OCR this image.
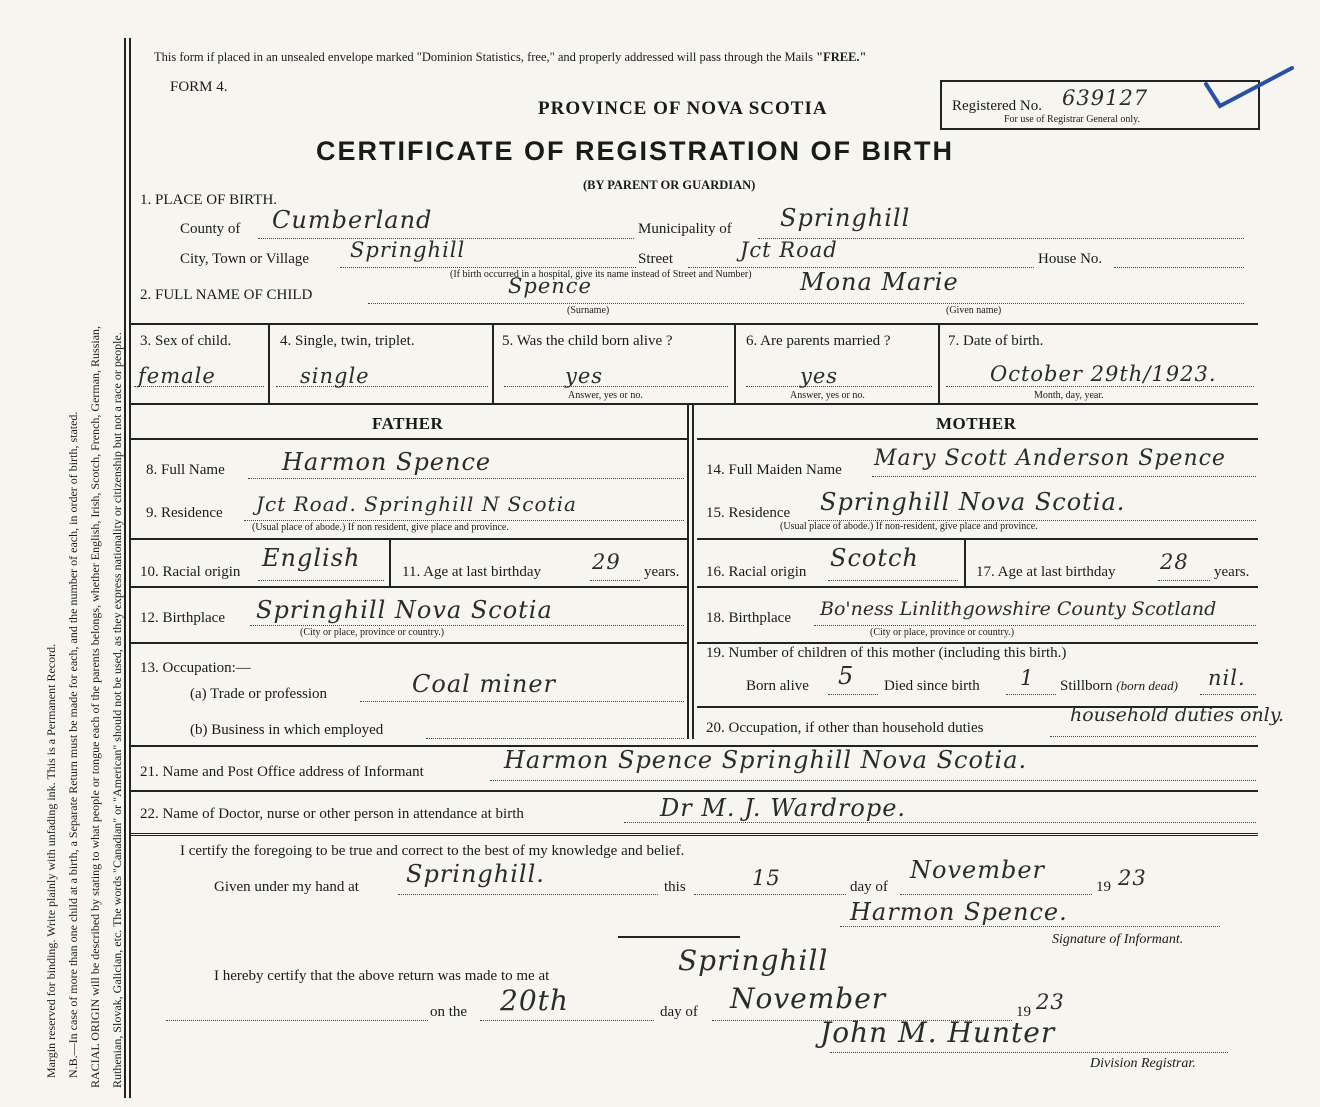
Margin reserved for binding. Write plainly with unfading ink. This is a Permanent Record. N.B.—In case of more than one child at a birth, a Separate Return must be made for each, and the number of each, in order of birth, stated. RACIAL ORIGIN will be described by stating to what people or tongue each of the parents belongs, whether English, Irish, Scotch, French, German, Russian, Ruthenian, Slovak, Galician, etc. The words "Canadian" or "American" should not be used, as they express nationality or citizenship but not a race or people.
This form if placed in an unsealed envelope marked "Dominion Statistics, free," and properly addressed will pass through the Mails "FREE."
FORM 4.
PROVINCE OF NOVA SCOTIA
CERTIFICATE OF REGISTRATION OF BIRTH
(BY PARENT OR GUARDIAN)
Registered No. 639127
For use of Registrar General only.
1. PLACE OF BIRTH.
County of Cumberland	Municipality of Springhill
City, Town or Village Springhill	Street	Jct Road	House No.
(If birth occurred in a hospital, give its name instead of Street and Number)
2. FULL NAME OF CHILD	Spence
(Surname)
Mona Marie
(Given name)
3. Sex of child.
female
4. Single, twin, triplet.
single
5. Was the child born alive ?
yes
Answer, yes or no.
6. Are parents married ?
yes
Answer, yes or no.
7. Date of birth.
October 29th/1923.
Month, day, year.
FATHER	MOTHER
8. Full Name Harmon Spence
9. Residence Jct Road. Springhill N Scotia
(Usual place of abode.) If non resident, give place and province.
10. Racial origin English	11. Age at last birthday 29 years.
12. Birthplace Springhill Nova Scotia
(City or place, province or country.)
13. Occupation:—
(a) Trade or profession	Coal miner
(b) Business in which employed
14. Full Maiden Name Mary Scott Anderson Spence
15. Residence Springhill Nova Scotia.
(Usual place of abode.) If non-resident, give place and province.
16. Racial origin Scotch	17. Age at last birthday 28 years.
18. Birthplace Bo'ness Linlithgowshire County Scotland
(City or place, province or country.)
19. Number of children of this mother (including this birth.)
Born alive 5 Died since birth 1 Stillborn (born dead) nil.
20. Occupation, if other than household duties
household duties only.
21. Name and Post Office address of Informant	Harmon Spence Springhill Nova Scotia.
22. Name of Doctor, nurse or other person in attendance at birth	Dr M. J. Wardrope.
I certify the foregoing to be true and correct to the best of my knowledge and belief.
Given under my hand at Springhill.	this	15	day of
November
19 23
Harmon Spence.
Signature of Informant.
I hereby certify that the above return was made to me at	Springhill
on the 20th	day of November	19 23
John M. Hunter
Division Registrar.
